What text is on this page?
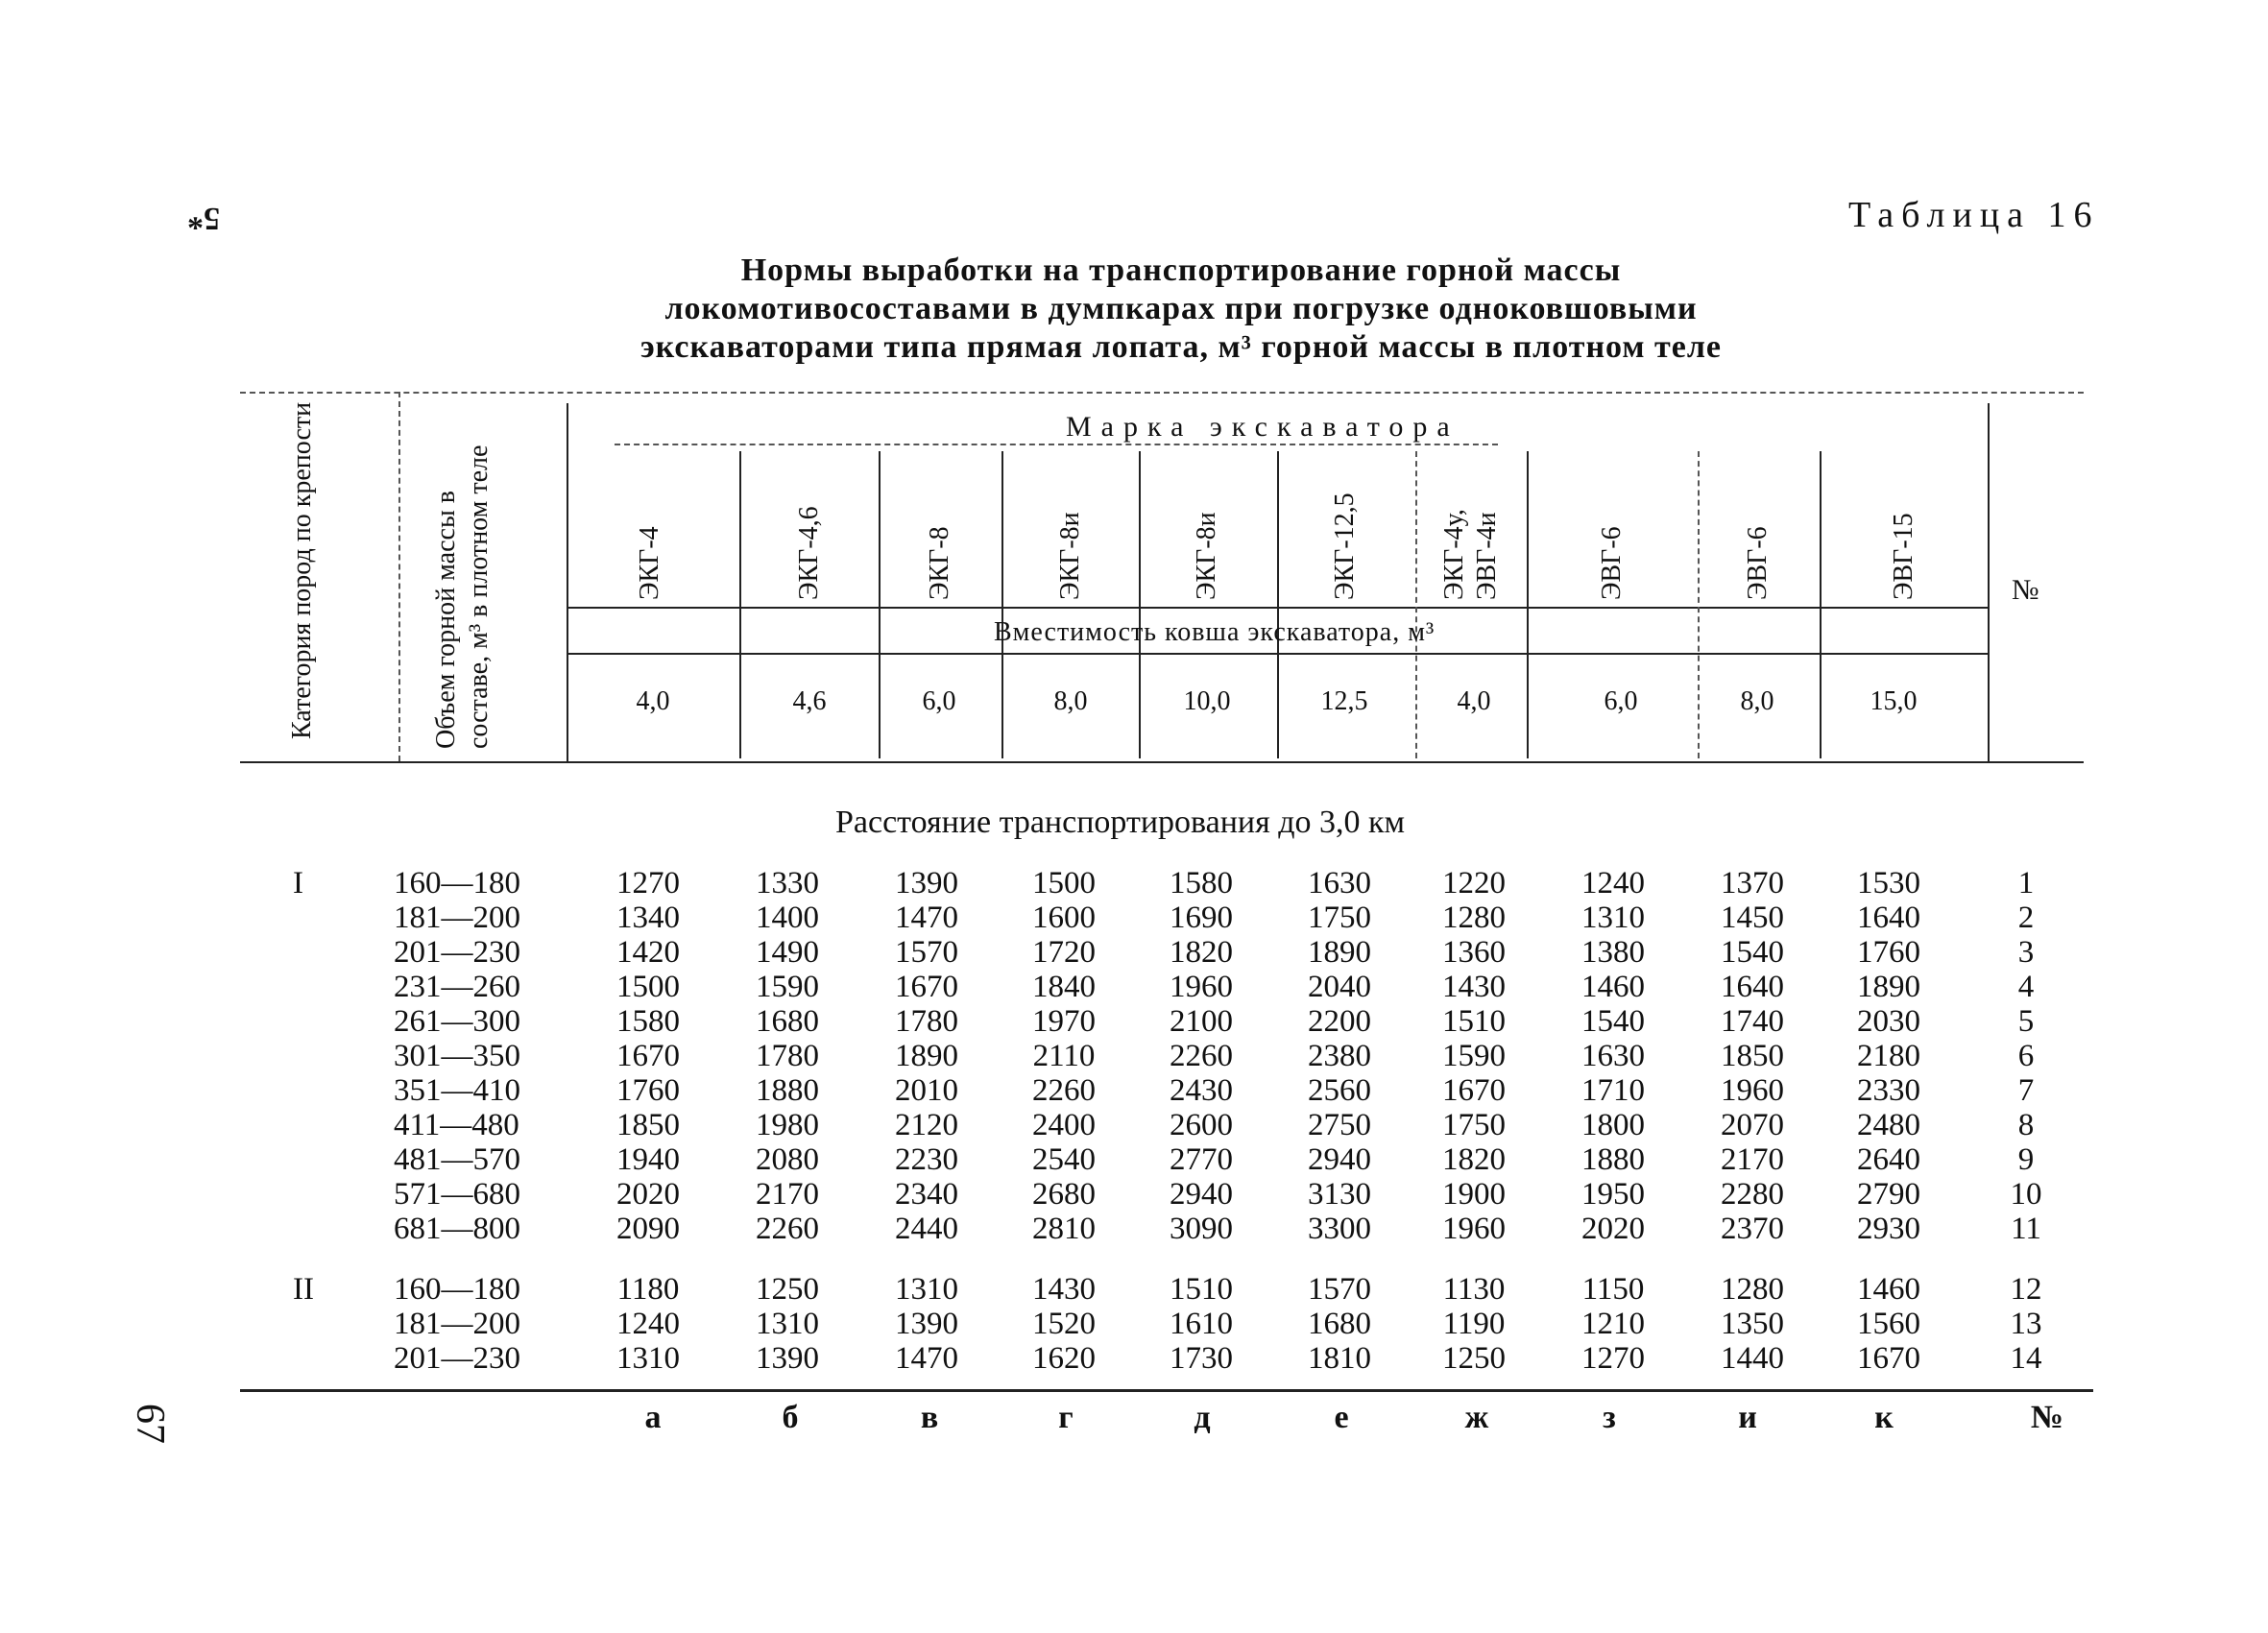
5*
67
Таблица 16
Нормы выработки на транспортирование горной массы
локомотивосоставами в думпкарах при погрузке одноковшовыми
экскаваторами типа прямая лопата, м³ горной массы в плотном теле
Категория пород по крепости	Объем горной массы в составе, м³ в плотном теле
Марка экскаватора
ЭКГ-4	ЭКГ-4,6	ЭКГ-8	ЭКГ-8и	ЭКГ-8и	ЭКГ-12,5	ЭКГ-4у, ЭВГ-4и	ЭВГ-6	ЭВГ-6	ЭВГ-15	№
Вместимость ковша экскаватора, м³
4,0	4,6	6,0	8,0	10,0	12,5	4,0	6,0	8,0	15,0
Расстояние транспортирования до 3,0 км
I	160—180	1270	1330	1390	1500	1580	1630	1220	1240	1370	1530	1
181—200	1340	1400	1470	1600	1690	1750	1280	1310	1450	1640	2
201—230	1420	1490	1570	1720	1820	1890	1360	1380	1540	1760	3
231—260	1500	1590	1670	1840	1960	2040	1430	1460	1640	1890	4
261—300	1580	1680	1780	1970	2100	2200	1510	1540	1740	2030	5
301—350	1670	1780	1890	2110	2260	2380	1590	1630	1850	2180	6
351—410	1760	1880	2010	2260	2430	2560	1670	1710	1960	2330	7
411—480	1850	1980	2120	2400	2600	2750	1750	1800	2070	2480	8
481—570	1940	2080	2230	2540	2770	2940	1820	1880	2170	2640	9
571—680	2020	2170	2340	2680	2940	3130	1900	1950	2280	2790	10
681—800	2090	2260	2440	2810	3090	3300	1960	2020	2370	2930	11
II	160—180	1180	1250	1310	1430	1510	1570	1130	1150	1280	1460	12
181—200	1240	1310	1390	1520	1610	1680	1190	1210	1350	1560	13
201—230	1310	1390	1470	1620	1730	1810	1250	1270	1440	1670	14
а	б	в	г	д	е	ж	з	и	к	№
